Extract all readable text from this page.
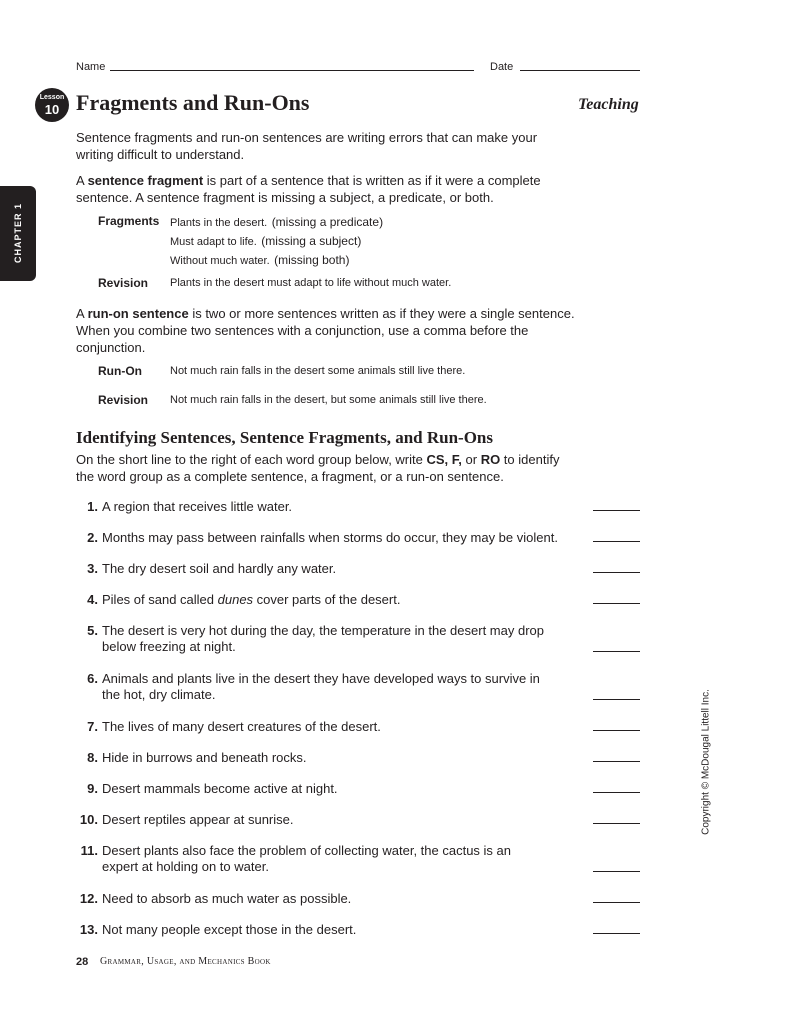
Name	Date
Lesson
10 Fragments and Run-Ons	Teaching
CHAPTER 1
Sentence fragments and run-on sentences are writing errors that can make your writing difficult to understand.
A sentence fragment is part of a sentence that is written as if it were a complete sentence. A sentence fragment is missing a subject, a predicate, or both.
Fragments Plants in the desert. (missing a predicate)
Must adapt to life. (missing a subject)
Without much water. (missing both)
Revision Plants in the desert must adapt to life without much water.
A run-on sentence is two or more sentences written as if they were a single sentence. When you combine two sentences with a conjunction, use a comma before the conjunction.
Run-On	Not much rain falls in the desert some animals still live there.
Revision Not much rain falls in the desert, but some animals still live there.
Identifying Sentences, Sentence Fragments, and Run-Ons
On the short line to the right of each word group below, write CS, F, or RO to identify the word group as a complete sentence, a fragment, or a run-on sentence.
1. A region that receives little water.
2. Months may pass between rainfalls when storms do occur, they may be violent.
3. The dry desert soil and hardly any water.
4. Piles of sand called dunes cover parts of the desert.
5. The desert is very hot during the day, the temperature in the desert may drop
below freezing at night.
6. Animals and plants live in the desert they have developed ways to survive in
the hot, dry climate.
7. The lives of many desert creatures of the desert.
8. Hide in burrows and beneath rocks.
9. Desert mammals become active at night.
10. Desert reptiles appear at sunrise.
11. Desert plants also face the problem of collecting water, the cactus is an
expert at holding on to water.
12. Need to absorb as much water as possible.
13. Not many people except those in the desert.
Copyright © McDougal Littell Inc.
28 Grammar, Usage, and Mechanics Book
